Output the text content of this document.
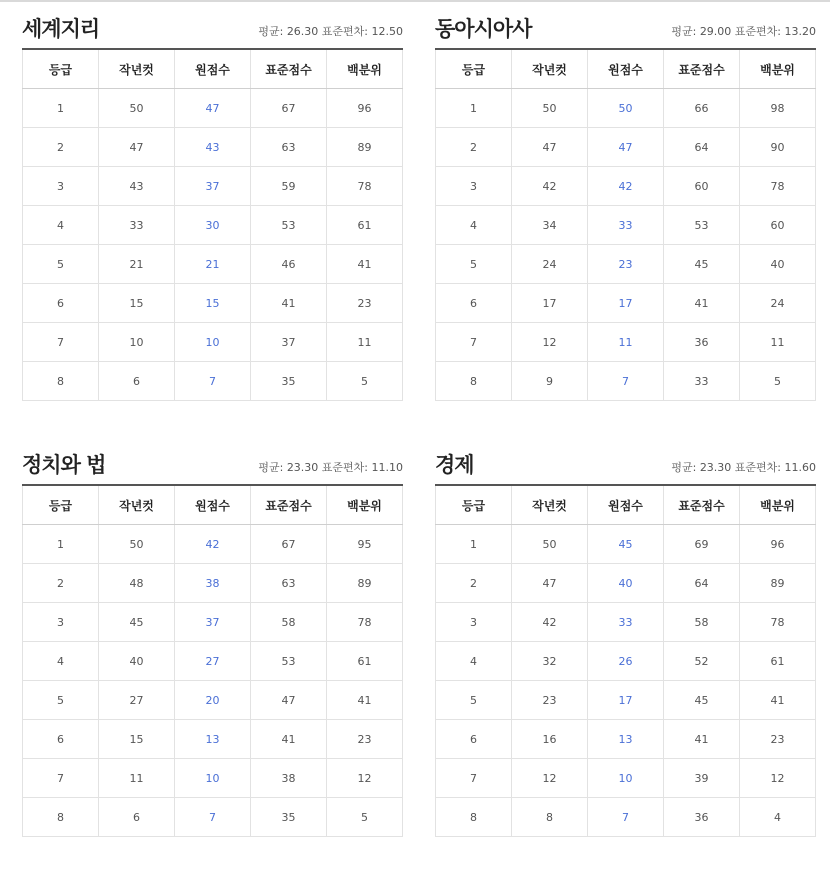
세계지리	평균: 26.30 표준편차: 12.50
등급	작년컷	원점수	표준점수	백분위
1	50	47	67	96
2	47	43	63	89
3	43	37	59	78
4	33	30	53	61
5	21	21	46	41
6	15	15	41	23
7	10	10	37	11
8	6	7	35	5
동아시아사	평균: 29.00 표준편차: 13.20
등급	작년컷	원점수	표준점수	백분위
1	50	50	66	98
2	47	47	64	90
3	42	42	60	78
4	34	33	53	60
5	24	23	45	40
6	17	17	41	24
7	12	11	36	11
8	9	7	33	5
정치와 법	평균: 23.30 표준편차: 11.10
등급	작년컷	원점수	표준점수	백분위
1	50	42	67	95
2	48	38	63	89
3	45	37	58	78
4	40	27	53	61
5	27	20	47	41
6	15	13	41	23
7	11	10	38	12
8	6	7	35	5
경제	평균: 23.30 표준편차: 11.60
등급	작년컷	원점수	표준점수	백분위
1	50	45	69	96
2	47	40	64	89
3	42	33	58	78
4	32	26	52	61
5	23	17	45	41
6	16	13	41	23
7	12	10	39	12
8	8	7	36	4
